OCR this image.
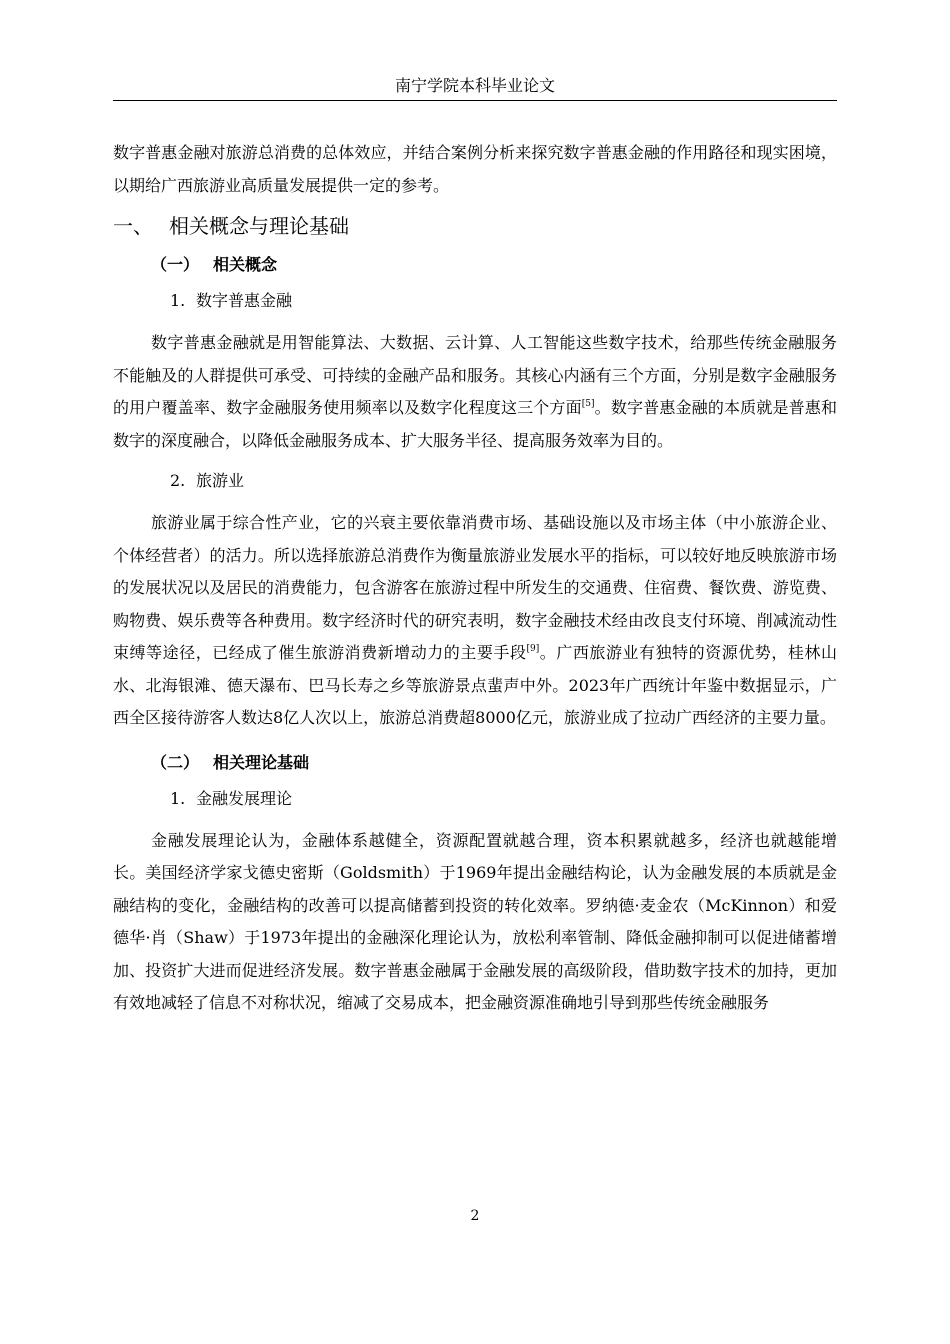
南宁学院本科毕业论文

数字普惠金融对旅游总消费的总体效应，并结合案例分析来探究数字普惠金融的作用路径和现实困境，以期给广西旅游业高质量发展提供一定的参考。

一、 相关概念与理论基础
（一） 相关概念
1. 数字普惠金融

数字普惠金融就是用智能算法、大数据、云计算、人工智能这些数字技术，给那些传统金融服务不能触及的人群提供可承受、可持续的金融产品和服务。其核心内涵有三个方面，分别是数字金融服务的用户覆盖率、数字金融服务使用频率以及数字化程度这三个方面[5]。数字普惠金融的本质就是普惠和数字的深度融合，以降低金融服务成本、扩大服务半径、提高服务效率为目的。

2. 旅游业

旅游业属于综合性产业，它的兴衰主要依靠消费市场、基础设施以及市场主体（中小旅游企业、个体经营者）的活力。所以选择旅游总消费作为衡量旅游业发展水平的指标，可以较好地反映旅游市场的发展状况以及居民的消费能力，包含游客在旅游过程中所发生的交通费、住宿费、餐饮费、游览费、购物费、娱乐费等各种费用。数字经济时代的研究表明，数字金融技术经由改良支付环境、削减流动性束缚等途径，已经成了催生旅游消费新增动力的主要手段[9]。广西旅游业有独特的资源优势，桂林山水、北海银滩、德天瀑布、巴马长寿之乡等旅游景点蜚声中外。2023年广西统计年鉴中数据显示，广西全区接待游客人数达8亿人次以上，旅游总消费超8000亿元，旅游业成了拉动广西经济的主要力量。

（二） 相关理论基础
1. 金融发展理论

金融发展理论认为，金融体系越健全，资源配置就越合理，资本积累就越多，经济也就越能增长。美国经济学家戈德史密斯（Goldsmith）于1969年提出金融结构论，认为金融发展的本质就是金融结构的变化，金融结构的改善可以提高储蓄到投资的转化效率。罗纳德·麦金农（McKinnon）和爱德华·肖（Shaw）于1973年提出的金融深化理论认为，放松利率管制、降低金融抑制可以促进储蓄增加、投资扩大进而促进经济发展。数字普惠金融属于金融发展的高级阶段，借助数字技术的加持，更加有效地减轻了信息不对称状况，缩减了交易成本，把金融资源准确地引导到那些传统金融服务

2
